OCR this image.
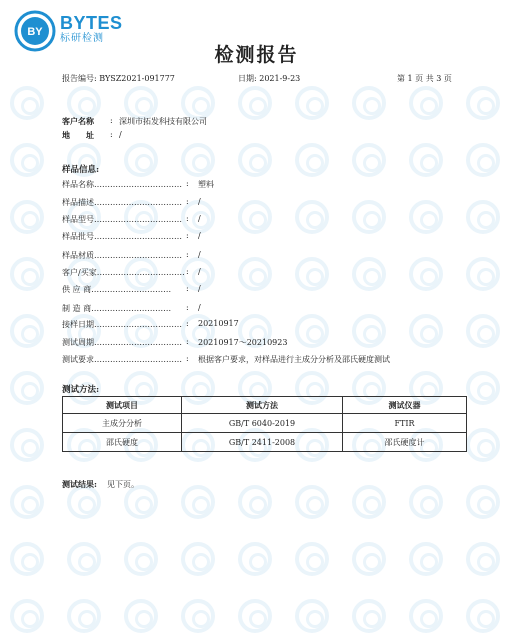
BY BYTES
标研检测
检测报告
报告编号: BYSZ2021-091777	日期: 2021-9-23	第 1 页 共 3 页
客户名称 : 深圳市拓发科技有限公司
地　　址 : /
样品信息:
样品名称…………………………… : 塑料
样品描述…………………………… : /
样品型号…………………………… : /
样品批号…………………………… : /
样品材质…………………………… : /
客户/买家…………………………… : /
供 应 商…………………………	: /
制 造 商…………………………	: /
接样日期…………………………… : 20210917
测试周期…………………………… : 20210917～20210923
测试要求…………………………… : 根据客户要求，对样品进行主成分分析及邵氏硬度测试
测试方法:
测试项目	测试方法	测试仪器
主成分分析	GB/T 6040-2019	FTIR
邵氏硬度	GB/T 2411-2008	邵氏硬度计
测试结果: 见下页。
